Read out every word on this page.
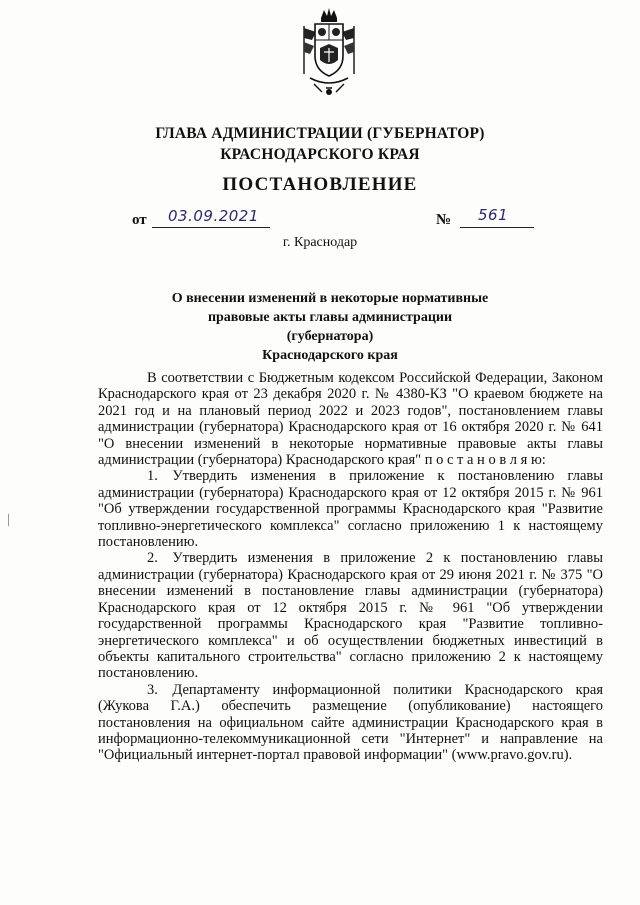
ГЛАВА АДМИНИСТРАЦИИ (ГУБЕРНАТОР)
КРАСНОДАРСКОГО КРАЯ
ПОСТАНОВЛЕНИЕ
от 03.09.2021	№ 561
г. Краснодар
О внесении изменений в некоторые нормативные
правовые акты главы администрации (губернатора)
Краснодарского края

В соответствии с Бюджетным кодексом Российской Федерации, Законом Краснодарского края от 23 декабря 2020 г. № 4380-КЗ "О краевом бюджете на 2021 год и на плановый период 2022 и 2023 годов", постановлением главы администрации (губернатора) Краснодарского края от 16 октября 2020 г. № 641 "О внесении изменений в некоторые нормативные правовые акты главы администрации (губернатора) Краснодарского края" п о с т а н о в л я ю:

1. Утвердить изменения в приложение к постановлению главы администрации (губернатора) Краснодарского края от 12 октября 2015 г. № 961 "Об утверждении государственной программы Краснодарского края "Развитие топливно-энергетического комплекса" согласно приложению 1 к настоящему постановлению.

2. Утвердить изменения в приложение 2 к постановлению главы администрации (губернатора) Краснодарского края от 29 июня 2021 г. № 375 "О внесении изменений в постановление главы администрации (губернатора) Краснодарского края от 12 октября 2015 г. № 961 "Об утверждении государственной программы Краснодарского края "Развитие топливно-энергетического комплекса" и об осуществлении бюджетных инвестиций в объекты капитального строительства" согласно приложению 2 к настоящему постановлению.

3. Департаменту информационной политики Краснодарского края (Жукова Г.А.) обеспечить размещение (опубликование) настоящего постановления на официальном сайте администрации Краснодарского края в информационно-телекоммуникационной сети "Интернет" и направление на "Официальный интернет-портал правовой информации" (www.pravo.gov.ru).
